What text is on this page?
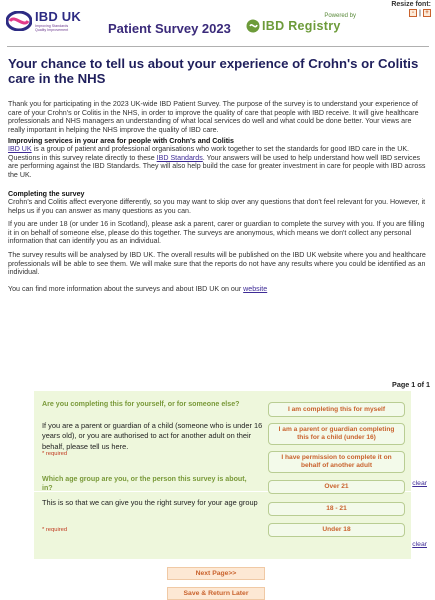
Resize font:
- | +
IBD UK
Improving Standards Quality Improvement	Patient Survey 2023
Powered by
IBD Registry
Your chance to tell us about your experience of Crohn's or Colitis care in the NHS

Thank you for participating in the 2023 UK-wide IBD Patient Survey. The purpose of the survey is to understand your experience of care of your Crohn's or Colitis in the NHS, in order to improve the quality of care that people with IBD receive. It will give healthcare professionals and NHS managers an understanding of what local services do well and what could be done better. Your views are really important in helping the NHS improve the quality of IBD care.

Improving services in your area for people with Crohn's and Colitis

IBD UK is a group of patient and professional organisations who work together to set the standards for good IBD care in the UK. Questions in this survey relate directly to these IBD Standards. Your answers will be used to help understand how well IBD services are performing against the IBD Standards. They will also help build the case for greater investment in care for people with IBD across the UK.

Completing the survey

Crohn's and Colitis affect everyone differently, so you may want to skip over any questions that don't feel relevant for you. However, it helps us if you can answer as many questions as you can.

If you are under 18 (or under 16 in Scotland), please ask a parent, carer or guardian to complete the survey with you. If you are filling it in on behalf of someone else, please do this together. The surveys are anonymous, which means we don't collect any personal information that can identify you as an individual.

The survey results will be analysed by IBD UK. The overall results will be published on the IBD UK website where you and healthcare professionals will be able to see them. We will make sure that the reports do not have any results where you could be identified as an individual.

You can find more information about the surveys and about IBD UK on our website

Page 1 of 1
Are you completing this for yourself, or for someone else?
If you are a parent or guardian of a child (someone who is under 16 years old), or you are authorised to act for another adult on their behalf, please tell us here.
* required
I am completing this for myself
I am a parent or guardian completing this for a child (under 16)
I have permission to complete it on behalf of another adult
clear
Which age group are you, or the person this survey is about, in?
This is so that we can give you the right survey for your age group
* required
Over 21
18 - 21
Under 18
clear
Next Page>>
Save & Return Later
